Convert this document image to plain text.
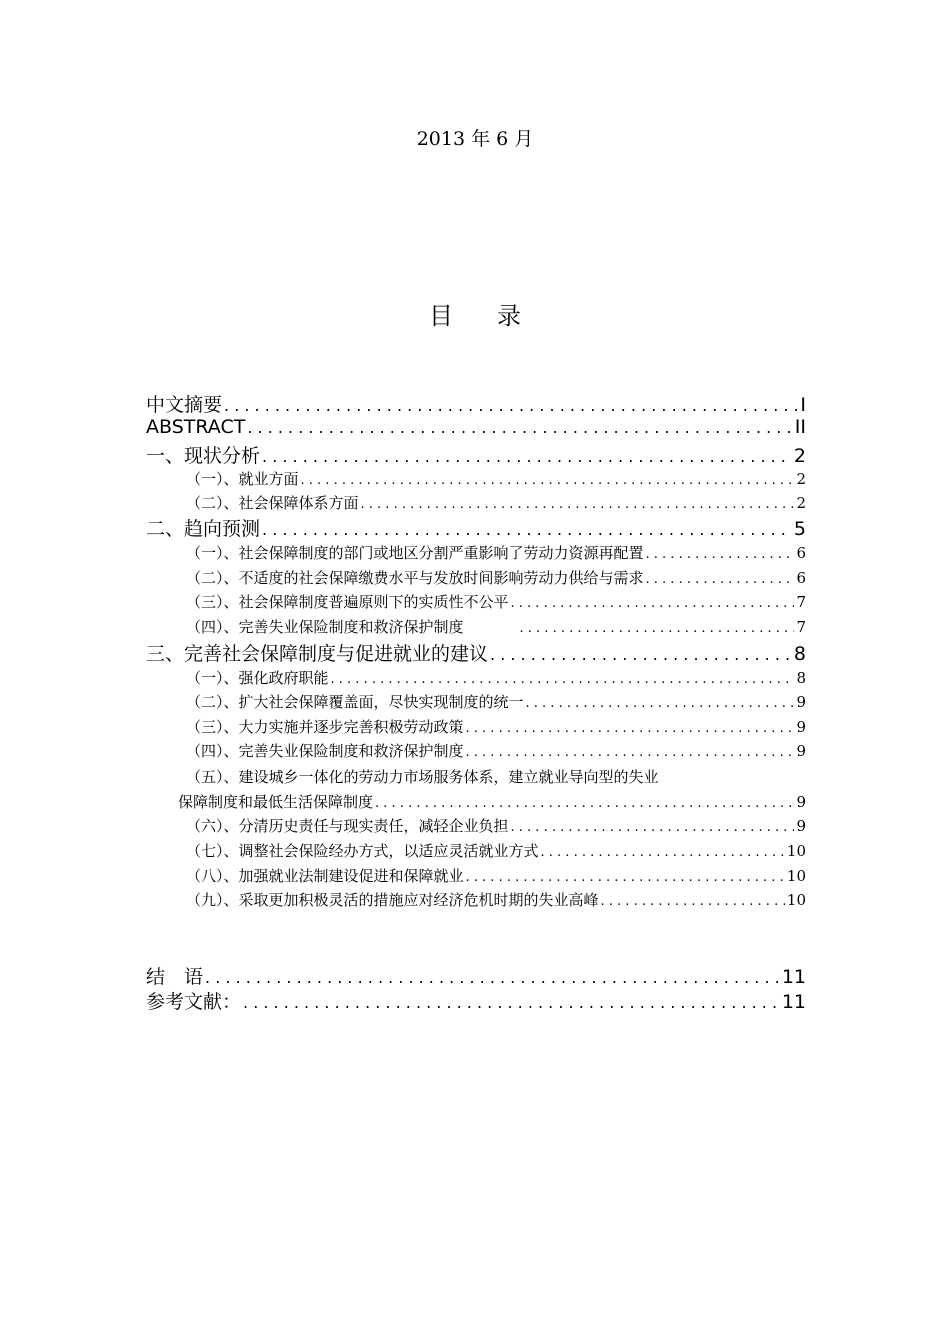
2013 年 6 月
目录
中文摘要 . . .	I
ABSTRACT . . .	II
一、现状分析 . . .	2
（一）、就业方面 . . .	2
（二）、社会保障体系方面 . . .	2
二、趋向预测 . . .	5
（一）、社会保障制度的部门或地区分割严重影响了劳动力资源再配置 . . .	6
（二）、不适度的社会保障缴费水平与发放时间影响劳动力供给与需求 . . .	6
（三）、社会保障制度普遍原则下的实质性不公平 . . .	7
（四）、完善失业保险制度和救济保护制度 . . .	7
三、完善社会保障制度与促进就业的建议 . . .	8
（一）、强化政府职能 . . .	8
（二）、扩大社会保障覆盖面，尽快实现制度的统一 . . .	9
（三）、大力实施并逐步完善积极劳动政策 . . .	9
（四）、完善失业保险制度和救济保护制度 . . .	9
（五）、建设城乡一体化的劳动力市场服务体系，建立就业导向型的失业
保障制度和最低生活保障制度 . . .	9
（六）、分清历史责任与现实责任，减轻企业负担 . . .	9
（七）、调整社会保险经办方式，以适应灵活就业方式 . . .	10
（八）、加强就业法制建设促进和保障就业 . . .	10
（九）、采取更加积极灵活的措施应对经济危机时期的失业高峰 . . .	10
结　语 . . .	11
参考文献： . . .	11
